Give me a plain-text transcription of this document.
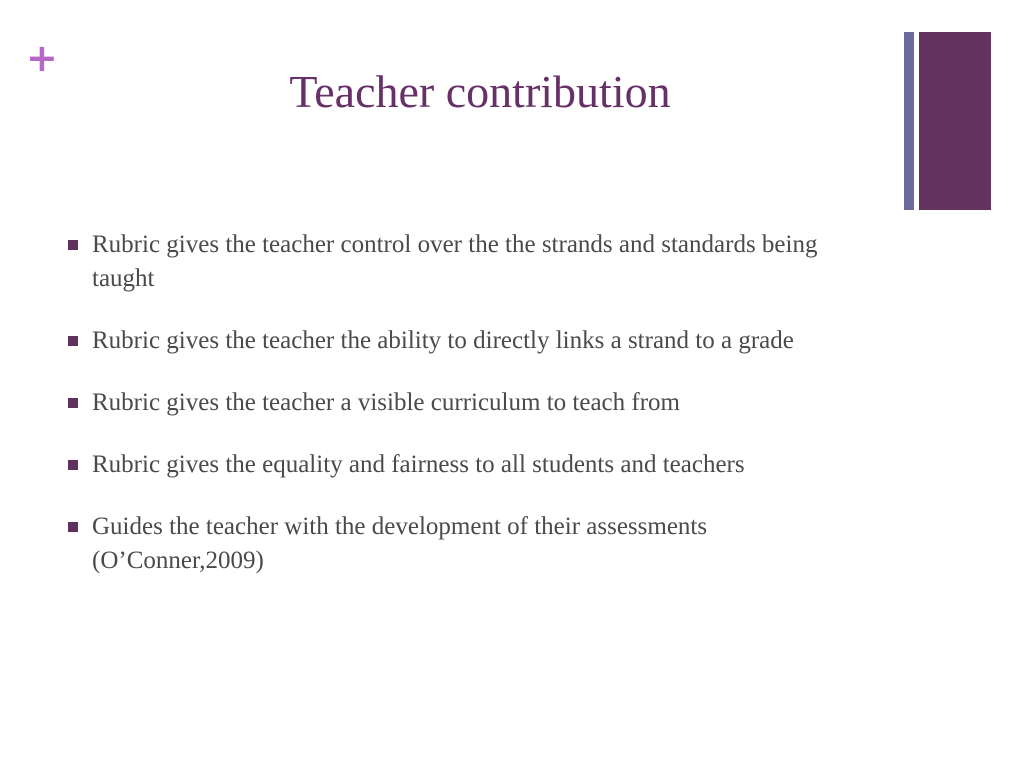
+
Teacher contribution
Rubric gives the teacher control over the the strands and standards being taught
Rubric gives the teacher the ability to directly links a strand to a grade
Rubric gives the teacher a visible curriculum to teach from
Rubric gives the equality and fairness to all students and teachers
Guides the teacher with the development of their assessments (O’Conner,2009)
